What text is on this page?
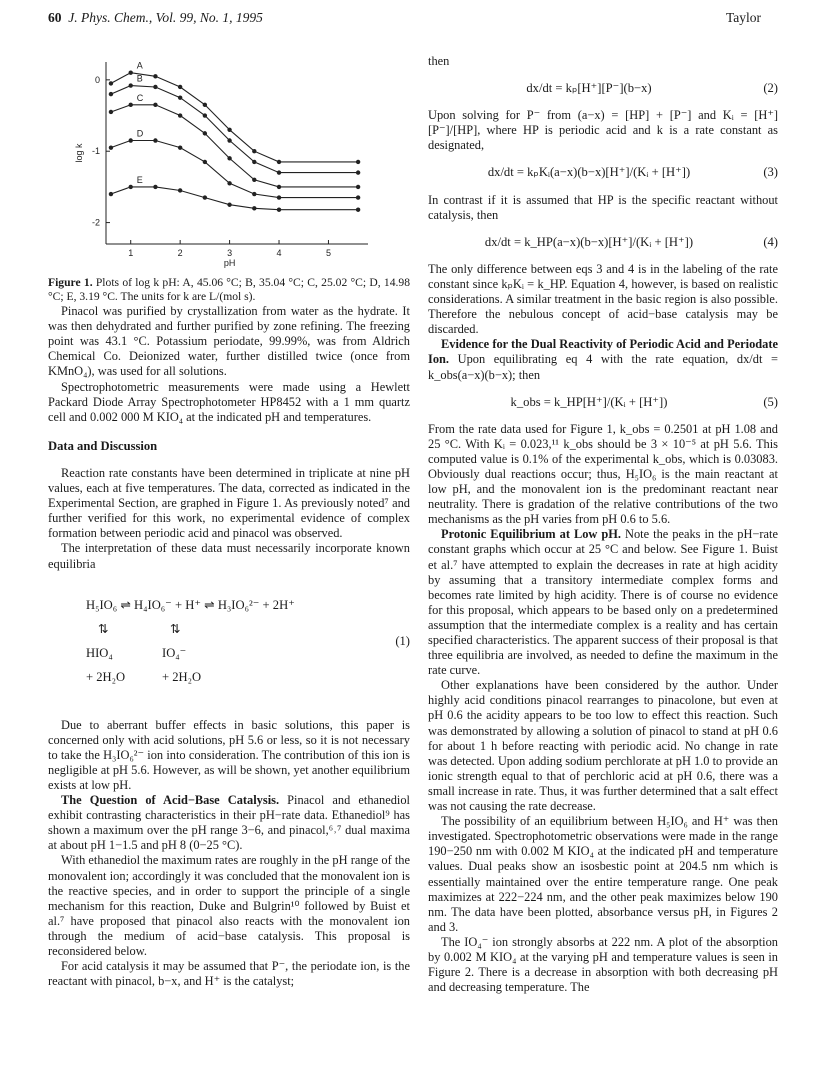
60 J. Phys. Chem., Vol. 99, No. 1, 1995	Taylor
1	2	3	4	5
0
-1
-2
pH
log k
A
B
C
D
E

Figure 1. Plots of log k pH: A, 45.06 °C; B, 35.04 °C; C, 25.02 °C; D, 14.98 °C; E, 3.19 °C. The units for k are L/(mol s).

Pinacol was purified by crystallization from water as the hydrate. It was then dehydrated and further purified by zone refining. The freezing point was 43.1 °C. Potassium periodate, 99.99%, was from Aldrich Chemical Co. Deionized water, further distilled twice (once from KMnO₄), was used for all solutions.

Spectrophotometric measurements were made using a Hewlett Packard Diode Array Spectrophotometer HP8452 with a 1 mm quartz cell and 0.002 000 M KIO₄ at the indicated pH and temperatures.

Data and Discussion

Reaction rate constants have been determined in triplicate at nine pH values, each at five temperatures. The data, corrected as indicated in the Experimental Section, are graphed in Figure 1. As previously noted⁷ and further verified for this work, no experimental evidence of complex formation between periodic acid and pinacol was observed.

The interpretation of these data must necessarily incorporate known equilibria

H₅IO₆ ⇌ H₄IO₆⁻ + H⁺ ⇌ H₃IO₆²⁻ + 2H⁺
⇅	⇅
HIO₄	IO₄⁻
+ 2H₂O	+ 2H₂O
(1)

Due to aberrant buffer effects in basic solutions, this paper is concerned only with acid solutions, pH 5.6 or less, so it is not necessary to take the H₃IO₆²⁻ ion into consideration. The contribution of this ion is negligible at pH 5.6. However, as will be shown, yet another equilibrium exists at low pH.

The Question of Acid−Base Catalysis. Pinacol and ethanediol exhibit contrasting characteristics in their pH−rate data. Ethanediol⁹ has shown a maximum over the pH range 3−6, and pinacol,⁶˒⁷ dual maxima at about pH 1−1.5 and pH 8 (0−25 °C).

With ethanediol the maximum rates are roughly in the pH range of the monovalent ion; accordingly it was concluded that the monovalent ion is the reactive species, and in order to support the principle of a single mechanism for this reaction, Duke and Bulgrin¹⁰ followed by Buist et al.⁷ have proposed that pinacol also reacts with the monovalent ion through the medium of acid−base catalysis. This proposal is reconsidered below.

For acid catalysis it may be assumed that P⁻, the periodate ion, is the reactant with pinacol, b−x, and H⁺ is the catalyst;

then

dx/dt = kₚ[H⁺][P⁻](b−x)	(2)

Upon solving for P⁻ from (a−x) = [HP] + [P⁻] and Kᵢ = [H⁺][P⁻]/[HP], where HP is periodic acid and k is a rate constant as designated,

dx/dt = kₚKᵢ(a−x)(b−x)[H⁺]/(Kᵢ + [H⁺])	(3)

In contrast if it is assumed that HP is the specific reactant without catalysis, then

dx/dt = k_HP(a−x)(b−x)[H⁺]/(Kᵢ + [H⁺])	(4)

The only difference between eqs 3 and 4 is in the labeling of the rate constant since kₚKᵢ = k_HP. Equation 4, however, is based on realistic considerations. A similar treatment in the basic region is also possible. Therefore the nebulous concept of acid−base catalysis may be discarded.

Evidence for the Dual Reactivity of Periodic Acid and Periodate Ion. Upon equilibrating eq 4 with the rate equation, dx/dt = k_obs(a−x)(b−x); then

k_obs = k_HP[H⁺]/(Kᵢ + [H⁺])	(5)

From the rate data used for Figure 1, k_obs = 0.2501 at pH 1.08 and 25 °C. With Kᵢ = 0.023,¹¹ k_obs should be 3 × 10⁻⁵ at pH 5.6. This computed value is 0.1% of the experimental k_obs, which is 0.03083. Obviously dual reactions occur; thus, H₅IO₆ is the main reactant at low pH, and the monovalent ion is the predominant reactant near neutrality. There is gradation of the relative contributions of the two mechanisms as the pH varies from pH 0.6 to 5.6.

Protonic Equilibrium at Low pH. Note the peaks in the pH−rate constant graphs which occur at 25 °C and below. See Figure 1. Buist et al.⁷ have attempted to explain the decreases in rate at high acidity by assuming that a transitory intermediate complex forms and becomes rate limited by high acidity. There is of course no evidence for this proposal, which appears to be based only on a predetermined assumption that the intermediate complex is a reality and has certain specified characteristics. The apparent success of their proposal is that three equilibria are involved, as needed to define the maximum in the rate curve.

Other explanations have been considered by the author. Under highly acid conditions pinacol rearranges to pinacolone, but even at pH 0.6 the acidity appears to be too low to effect this reaction. Such was demonstrated by allowing a solution of pinacol to stand at pH 0.6 for about 1 h before reacting with periodic acid. No change in rate was detected. Upon adding sodium perchlorate at pH 1.0 to provide an ionic strength equal to that of perchloric acid at pH 0.6, there was a small increase in rate. Thus, it was further determined that a salt effect was not causing the rate decrease.

The possibility of an equilibrium between H₅IO₆ and H⁺ was then investigated. Spectrophotometric observations were made in the range 190−250 nm with 0.002 M KIO₄ at the indicated pH and temperature values. Dual peaks show an isosbestic point at 204.5 nm which is essentially maintained over the entire temperature range. One peak maximizes at 222−224 nm, and the other peak maximizes below 190 nm. The data have been plotted, absorbance versus pH, in Figures 2 and 3.

The IO₄⁻ ion strongly absorbs at 222 nm. A plot of the absorption by 0.002 M KIO₄ at the varying pH and temperature values is seen in Figure 2. There is a decrease in absorption with both decreasing pH and decreasing temperature. The
